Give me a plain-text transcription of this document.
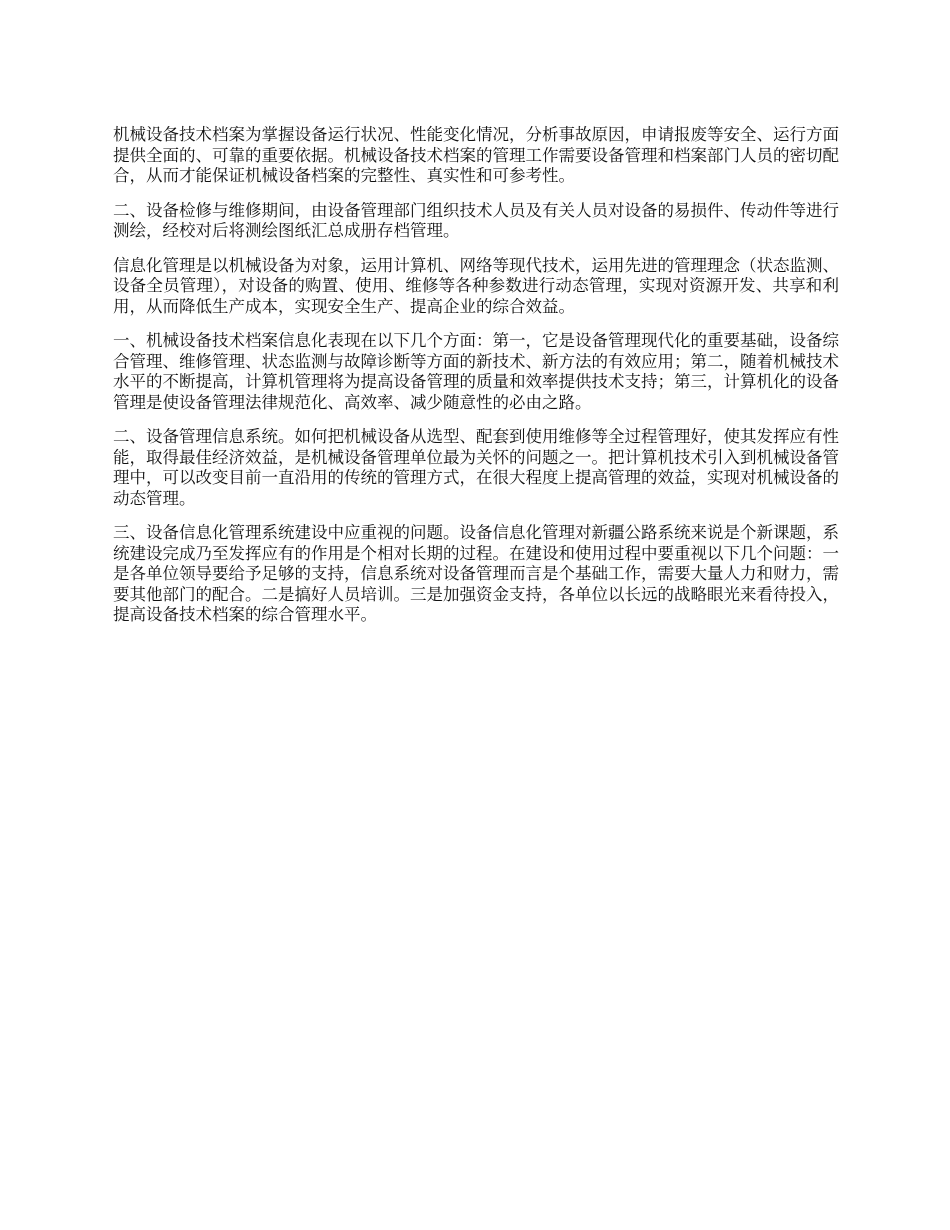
机械设备技术档案为掌握设备运行状况、性能变化情况，分析事故原因，申请报废等安全、运行方面提供全面的、可靠的重要依据。机械设备技术档案的管理工作需要设备管理和档案部门人员的密切配合，从而才能保证机械设备档案的完整性、真实性和可参考性。

二、设备检修与维修期间，由设备管理部门组织技术人员及有关人员对设备的易损件、传动件等进行测绘，经校对后将测绘图纸汇总成册存档管理。

信息化管理是以机械设备为对象，运用计算机、网络等现代技术，运用先进的管理理念（状态监测、设备全员管理），对设备的购置、使用、维修等各种参数进行动态管理，实现对资源开发、共享和利用，从而降低生产成本，实现安全生产、提高企业的综合效益。

一、机械设备技术档案信息化表现在以下几个方面：第一，它是设备管理现代化的重要基础，设备综合管理、维修管理、状态监测与故障诊断等方面的新技术、新方法的有效应用；第二，随着机械技术水平的不断提高，计算机管理将为提高设备管理的质量和效率提供技术支持；第三，计算机化的设备管理是使设备管理法律规范化、高效率、减少随意性的必由之路。

二、设备管理信息系统。如何把机械设备从选型、配套到使用维修等全过程管理好，使其发挥应有性能，取得最佳经济效益，是机械设备管理单位最为关怀的问题之一。把计算机技术引入到机械设备管理中，可以改变目前一直沿用的传统的管理方式，在很大程度上提高管理的效益，实现对机械设备的动态管理。

三、设备信息化管理系统建设中应重视的问题。设备信息化管理对新疆公路系统来说是个新课题，系统建设完成乃至发挥应有的作用是个相对长期的过程。在建设和使用过程中要重视以下几个问题：一是各单位领导要给予足够的支持，信息系统对设备管理而言是个基础工作，需要大量人力和财力，需要其他部门的配合。二是搞好人员培训。三是加强资金支持，各单位以长远的战略眼光来看待投入，提高设备技术档案的综合管理水平。
